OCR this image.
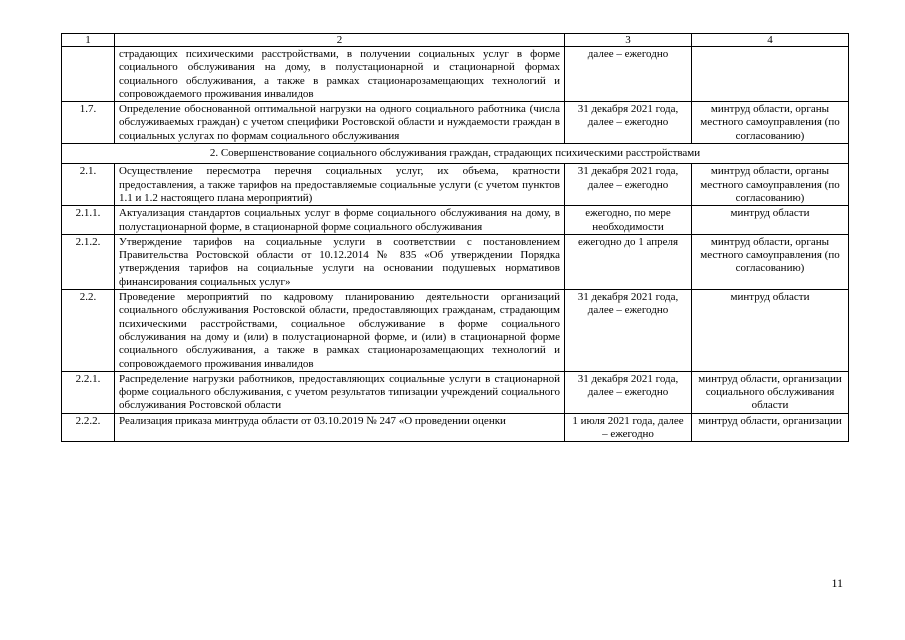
1	2	3	4
	страдающих психическими расстройствами, в получении социальных услуг в форме социального обслуживания на дому, в полустационарной и стационарной формах социального обслуживания, а также в рамках стационарозамещающих технологий и сопровождаемого проживания инвалидов	далее – ежегодно	
1.7.	Определение обоснованной оптимальной нагрузки на одного социального работника (числа обслуживаемых граждан) с учетом специфики Ростовской области и нуждаемости граждан в социальных услугах по формам социального обслуживания	31 декабря 2021 года, далее – ежегодно	минтруд области, органы местного самоуправления (по согласованию)
2. Совершенствование социального обслуживания граждан, страдающих психическими расстройствами			
2.1.	Осуществление пересмотра перечня социальных услуг, их объема, кратности предоставления, а также тарифов на предоставляемые социальные услуги (с учетом пунктов 1.1 и 1.2 настоящего плана мероприятий)	31 декабря 2021 года, далее – ежегодно	минтруд области, органы местного самоуправления (по согласованию)
2.1.1.	Актуализация стандартов социальных услуг в форме социального обслуживания на дому, в полустационарной форме, в стационарной форме социального обслуживания	ежегодно, по мере необходимости	минтруд области
2.1.2.	Утверждение тарифов на социальные услуги в соответствии с постановлением Правительства Ростовской области от 10.12.2014 № 835 «Об утверждении Порядка утверждения тарифов на социальные услуги на основании подушевых нормативов финансирования социальных услуг»	ежегодно до 1 апреля	минтруд области, органы местного самоуправления (по согласованию)
2.2.	Проведение мероприятий по кадровому планированию деятельности организаций социального обслуживания Ростовской области, предоставляющих гражданам, страдающим психическими расстройствами, социальное обслуживание в форме социального обслуживания на дому и (или) в полустационарной форме, и (или) в стационарной форме социального обслуживания, а также в рамках стационарозамещающих технологий и сопровождаемого проживания инвалидов	31 декабря 2021 года, далее – ежегодно	минтруд области
2.2.1.	Распределение нагрузки работников, предоставляющих социальные услуги в стационарной форме социального обслуживания, с учетом результатов типизации учреждений социального обслуживания Ростовской области	31 декабря 2021 года, далее – ежегодно	минтруд области, организации социального обслуживания области
2.2.2.	Реализация приказа минтруда области от 03.10.2019 № 247 «О проведении оценки	1 июля 2021 года, далее – ежегодно	минтруд области, организации
11
